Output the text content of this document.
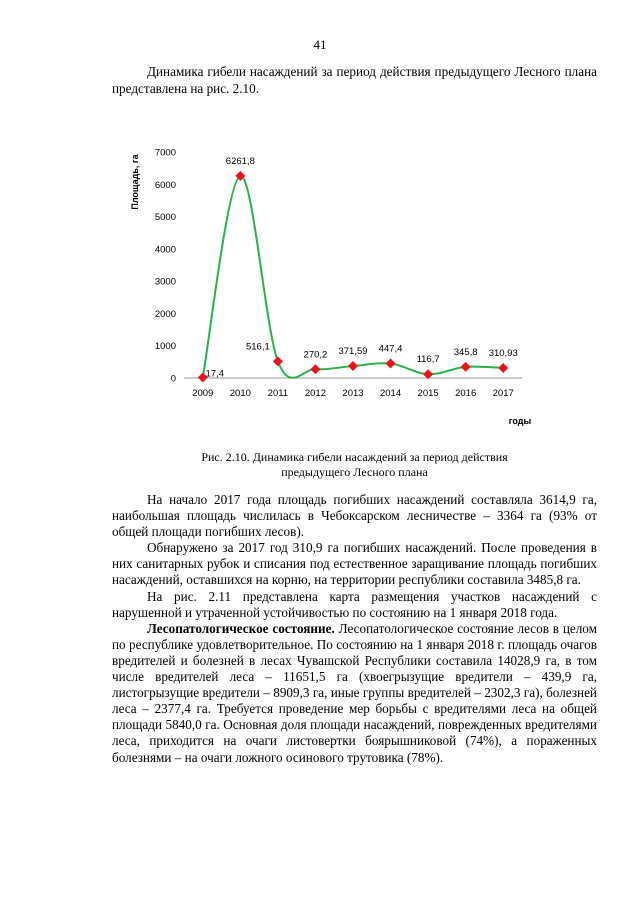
41

Динамика гибели насаждений за период действия предыдущего Лесного плана представлена на рис. 2.10.

Площадь, га
годы
0
1000
2000
3000
4000
5000
6000
7000
2009 2010 2011 2012 2013 2014 2015 2016 2017
17,4
6261,8
516,1
270,2 371,59 447,4
116,7
345,8 310,93
Рис. 2.10. Динамика гибели насаждений за период действия
предыдущего Лесного плана

На начало 2017 года площадь погибших насаждений составляла 3614,9 га, наибольшая площадь числилась в Чебоксарском лесничестве – 3364 га (93% от общей площади погибших лесов).

Обнаружено за 2017 год 310,9 га погибших насаждений. После проведения в них санитарных рубок и списания под естественное заращивание площадь погибших насаждений, оставшихся на корню, на территории республики составила 3485,8 га.

На рис. 2.11 представлена карта размещения участков насаждений с нарушенной и утраченной устойчивостью по состоянию на 1 января 2018 года.

Лесопатологическое состояние. Лесопатологическое состояние лесов в целом по республике удовлетворительное. По состоянию на 1 января 2018 г. площадь очагов вредителей и болезней в лесах Чувашской Республики составила 14028,9 га, в том числе вредителей леса – 11651,5 га (хвоегрызущие вредители – 439,9 га, листогрызущие вредители – 8909,3 га, иные группы вредителей – 2302,3 га), болезней леса – 2377,4 га. Требуется проведение мер борьбы с вредителями леса на общей площади 5840,0 га. Основная доля площади насаждений, поврежденных вредителями леса, приходится на очаги листовертки боярышниковой (74%), а пораженных болезнями – на очаги ложного осинового трутовика (78%).
